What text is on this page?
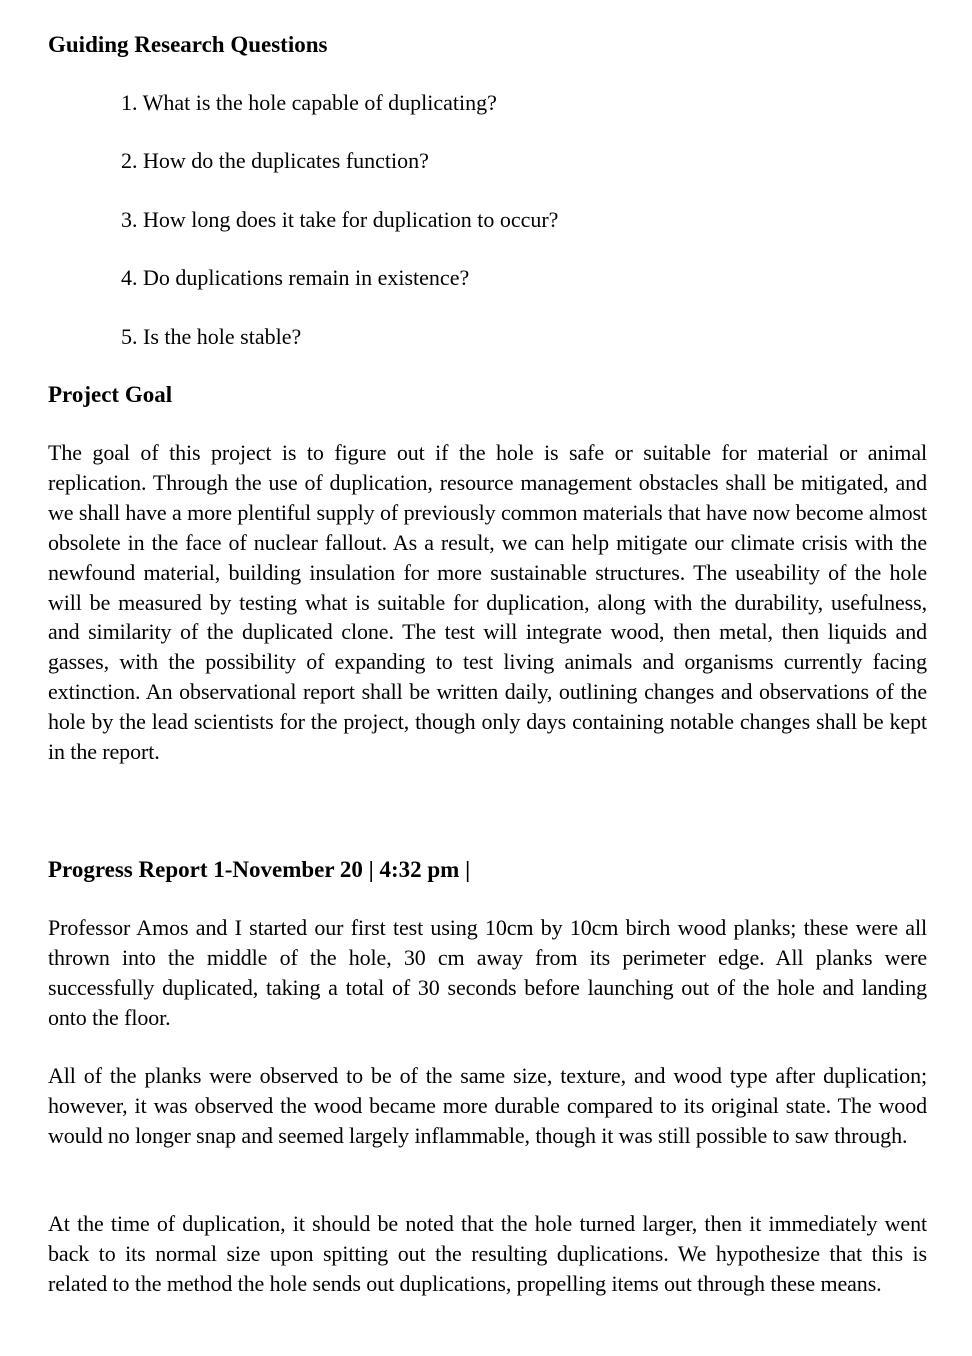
Guiding Research Questions
1. What is the hole capable of duplicating?
2. How do the duplicates function?
3. How long does it take for duplication to occur?
4. Do duplications remain in existence?
5. Is the hole stable?
Project Goal
The goal of this project is to figure out if the hole is safe or suitable for material or animal replication. Through the use of duplication, resource management obstacles shall be mitigated, and we shall have a more plentiful supply of previously common materials that have now become almost obsolete in the face of nuclear fallout. As a result, we can help mitigate our climate crisis with the newfound material, building insulation for more sustainable structures. The useability of the hole will be measured by testing what is suitable for duplication, along with the durability, usefulness, and similarity of the duplicated clone. The test will integrate wood, then metal, then liquids and gasses, with the possibility of expanding to test living animals and organisms currently facing extinction. An observational report shall be written daily, outlining changes and observations of the hole by the lead scientists for the project, though only days containing notable changes shall be kept in the report.
Progress Report 1-November 20 | 4:32 pm |
Professor Amos and I started our first test using 10cm by 10cm birch wood planks; these were all thrown into the middle of the hole, 30 cm away from its perimeter edge. All planks were successfully duplicated, taking a total of 30 seconds before launching out of the hole and landing onto the floor.
All of the planks were observed to be of the same size, texture, and wood type after duplication; however, it was observed the wood became more durable compared to its original state. The wood would no longer snap and seemed largely inflammable, though it was still possible to saw through.
At the time of duplication, it should be noted that the hole turned larger, then it immediately went back to its normal size upon spitting out the resulting duplications. We hypothesize that this is related to the method the hole sends out duplications, propelling items out through these means.
